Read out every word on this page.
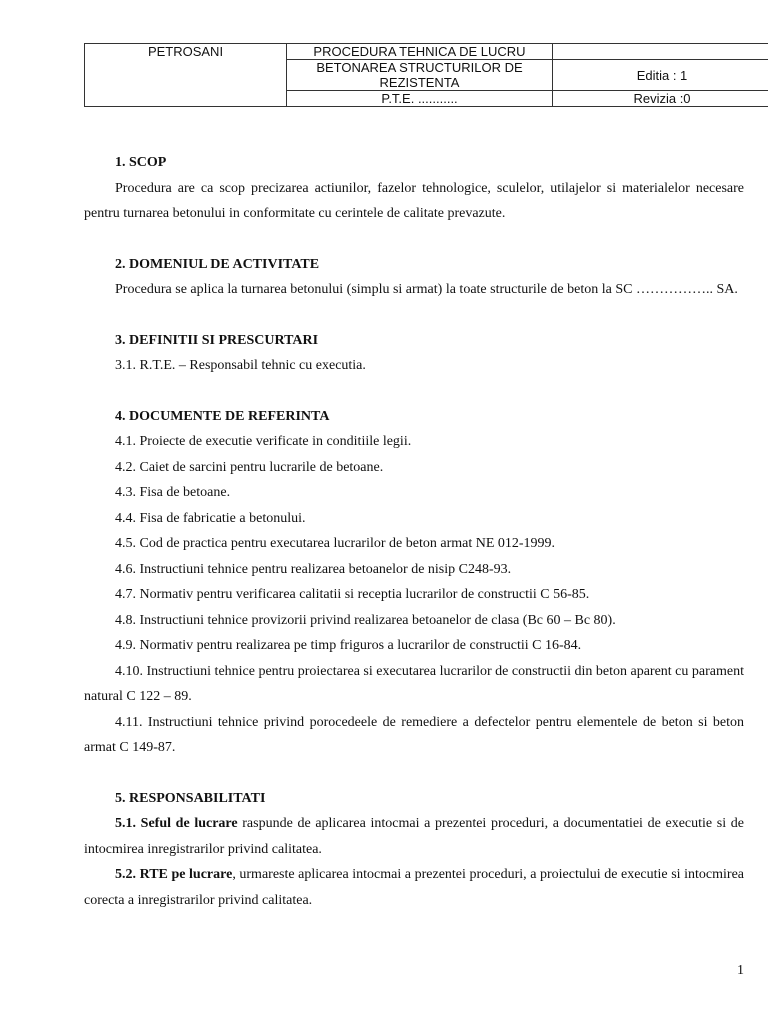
PETROSANI	PROCEDURA TEHNICA DE LUCRU	
	BETONAREA STRUCTURILOR DE REZISTENTA	Editia : 1
	P.T.E. ...........	Revizia :0

1. SCOP

Procedura are ca scop precizarea actiunilor, fazelor tehnologice, sculelor, utilajelor si materialelor necesare pentru turnarea betonului in conformitate cu cerintele de calitate prevazute.

2. DOMENIUL DE ACTIVITATE

Procedura se aplica la turnarea betonului (simplu si armat) la toate structurile de beton la SC …………….. SA.

3. DEFINITII SI PRESCURTARI

3.1. R.T.E. – Responsabil tehnic cu executia.

4. DOCUMENTE DE REFERINTA

4.1. Proiecte de executie verificate in conditiile legii.

4.2. Caiet de sarcini pentru lucrarile de betoane.

4.3. Fisa de betoane.

4.4. Fisa de fabricatie a betonului.

4.5. Cod de practica pentru executarea lucrarilor de beton armat NE 012-1999.

4.6. Instructiuni tehnice pentru realizarea betoanelor de nisip C248-93.

4.7. Normativ pentru verificarea calitatii si receptia lucrarilor de constructii C 56-85.

4.8. Instructiuni tehnice provizorii privind realizarea betoanelor de clasa (Bc 60 – Bc 80).

4.9. Normativ pentru realizarea pe timp friguros a lucrarilor de constructii C 16-84.

4.10. Instructiuni tehnice pentru proiectarea si executarea lucrarilor de constructii din beton aparent cu parament natural C 122 – 89.

4.11. Instructiuni tehnice privind porocedeele de remediere a defectelor pentru elementele de beton si beton armat C 149-87.

5. RESPONSABILITATI

5.1. Seful de lucrare raspunde de aplicarea intocmai a prezentei proceduri, a documentatiei de executie si de intocmirea inregistrarilor privind calitatea.

5.2. RTE pe lucrare, urmareste aplicarea intocmai a prezentei proceduri, a proiectului de executie si intocmirea corecta a inregistrarilor privind calitatea.

1
